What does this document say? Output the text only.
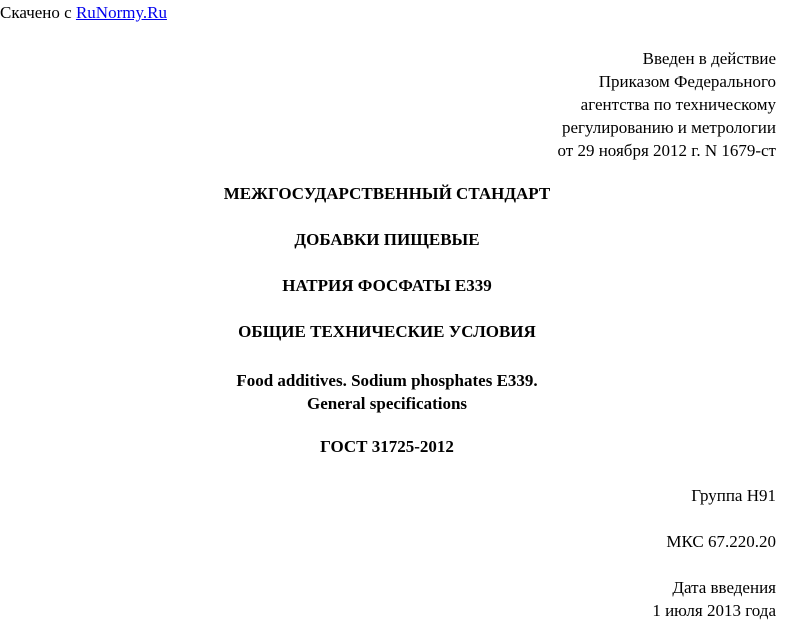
Скачено с RuNormy.Ru
Введен в действие
Приказом Федерального
агентства по техническому
регулированию и метрологии
от 29 ноября 2012 г. N 1679-ст
МЕЖГОСУДАРСТВЕННЫЙ СТАНДАРТ
ДОБАВКИ ПИЩЕВЫЕ
НАТРИЯ ФОСФАТЫ Е339
ОБЩИЕ ТЕХНИЧЕСКИЕ УСЛОВИЯ
Food additives. Sodium phosphates E339.
General specifications
ГОСТ 31725-2012
Группа Н91
МКС 67.220.20
Дата введения
1 июля 2013 года
